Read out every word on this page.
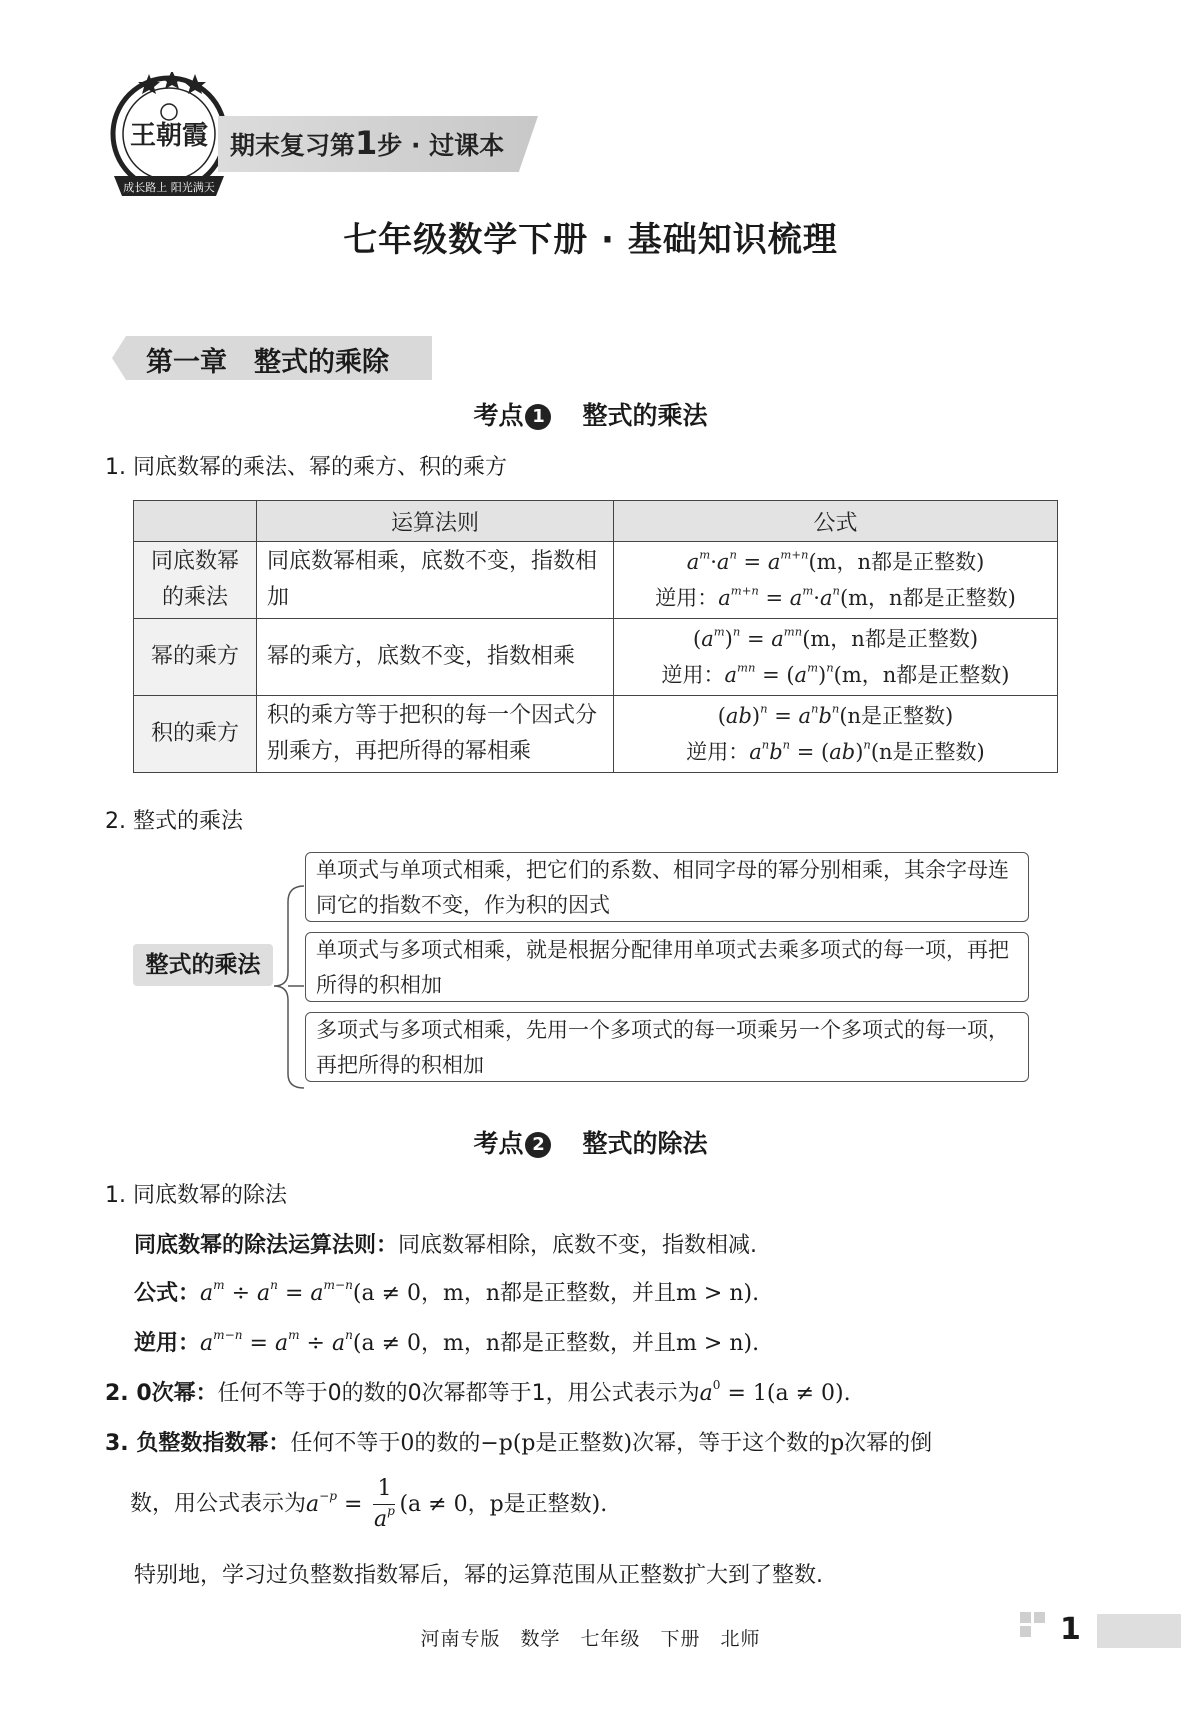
王朝霞
成长路上 阳光满天
期末复习第1步 · 过课本
七年级数学下册 · 基础知识梳理
第一章　整式的乘除
考点 1　 整式的乘法
1. 同底数幂的乘法、幂的乘方、积的乘方
	运算法则	公式
同底数幂的乘法	同底数幂相乘，底数不变，指数相加	$a^m\cdot a^n = a^{m+n}(m$，n都是正整数)
逆用：$a^{m+n} = a^m\cdot a^n(m$，n都是正整数)

幂的乘方	幂的乘方，底数不变，指数相乘	$(a^m)^n = a^{mn}(m$，n都是正整数)
逆用：$a^{mn} = (a^m)^n(m$，n都是正整数)

积的乘方	积的乘方等于把积的每一个因式分别乘方，再把所得的幂相乘	$(ab)^n = a^nb^n(n$是正整数)
逆用：$a^nb^n = (ab)^n(n$是正整数)
2. 整式的乘法
整式的乘法
单项式与单项式相乘，把它们的系数、相同字母的幂分别相乘，其余字母连同它的指数不变，作为积的因式
单项式与多项式相乘，就是根据分配律用单项式去乘多项式的每一项，再把所得的积相加
多项式与多项式相乘，先用一个多项式的每一项乘另一个多项式的每一项，再把所得的积相加
考点 2　 整式的除法
1. 同底数幂的除法
同底数幂的除法运算法则：同底数幂相除，底数不变，指数相减.
公式：$a^m \div a^n = a^{m-n}(a \ne 0$，m，n都是正整数，并且m > n).
逆用：$a^{m-n} = a^m \div a^n(a \ne 0$，m，n都是正整数，并且m > n).
2. 0次幂：任何不等于0的数的0次幂都等于1，用公式表示为$a^0 = 1(a \ne 0)$.
3. 负整数指数幂：任何不等于0的数的−p(p是正整数)次幂，等于这个数的p次幂的倒
数，用公式表示为$a^{-p} = \frac{1}{a^p} (a \ne 0$，p是正整数).
特别地，学习过负整数指数幂后，幂的运算范围从正整数扩大到了整数.
河南专版　数学　七年级　下册　北师	1
